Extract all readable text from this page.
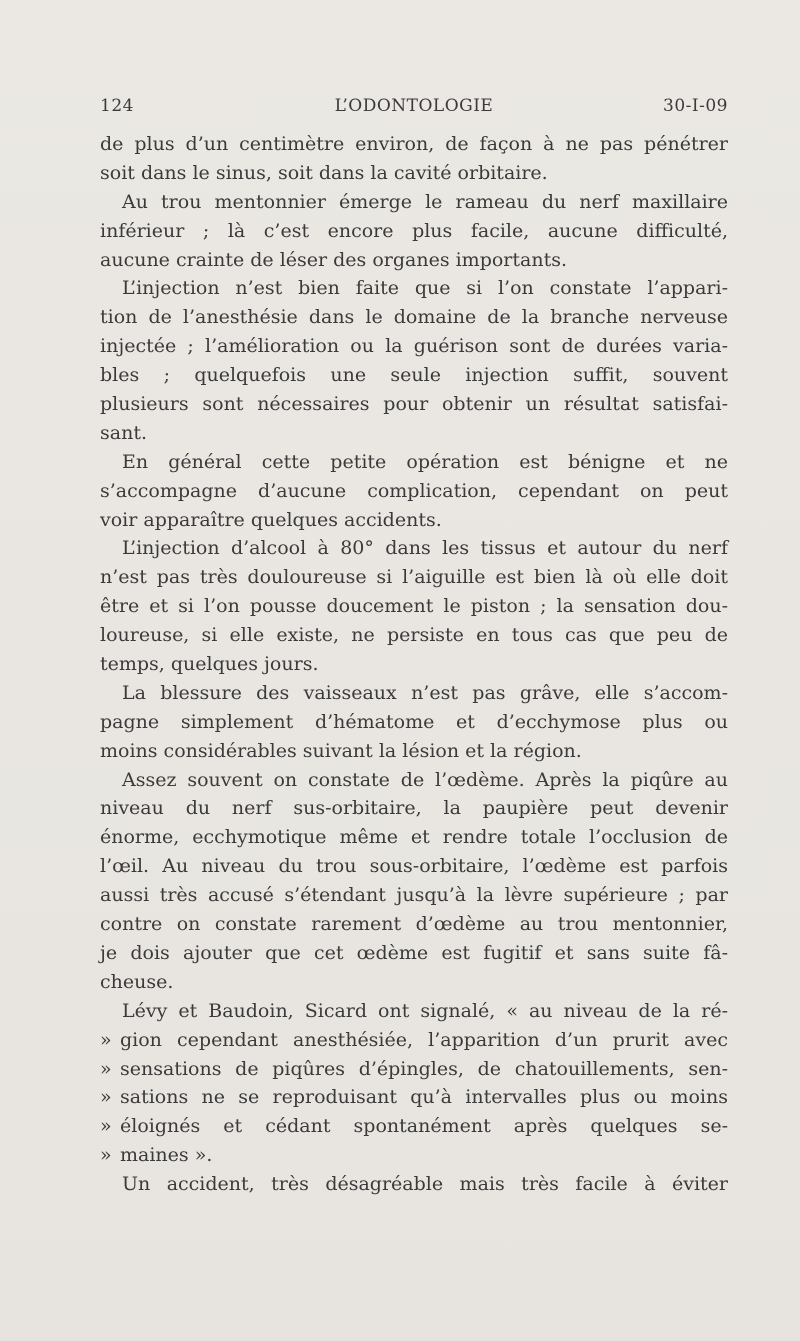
124	L’ODONTOLOGIE	30-I-09
de plus d’un centimètre environ, de façon à ne pas pénétrer
soit dans le sinus, soit dans la cavité orbitaire.
Au trou mentonnier émerge le rameau du nerf maxillaire
inférieur ; là c’est encore plus facile, aucune difficulté,
aucune crainte de léser des organes importants.
L’injection n’est bien faite que si l’on constate l’appari-
tion de l’anesthésie dans le domaine de la branche nerveuse
injectée ; l’amélioration ou la guérison sont de durées varia-
bles ; quelquefois une seule injection suffit, souvent
plusieurs sont nécessaires pour obtenir un résultat satisfai-
sant.
En général cette petite opération est bénigne et ne
s’accompagne d’aucune complication, cependant on peut
voir apparaître quelques accidents.
L’injection d’alcool à 80° dans les tissus et autour du nerf
n’est pas très douloureuse si l’aiguille est bien là où elle doit
être et si l’on pousse doucement le piston ; la sensation dou-
loureuse, si elle existe, ne persiste en tous cas que peu de
temps, quelques jours.
La blessure des vaisseaux n’est pas grâve, elle s’accom-
pagne simplement d’hématome et d’ecchymose plus ou
moins considérables suivant la lésion et la région.
Assez souvent on constate de l’œdème. Après la piqûre au
niveau du nerf sus-orbitaire, la paupière peut devenir
énorme, ecchymotique même et rendre totale l’occlusion de
l’œil. Au niveau du trou sous-orbitaire, l’œdème est parfois
aussi très accusé s’étendant jusqu’à la lèvre supérieure ; par
contre on constate rarement d’œdème au trou mentonnier,
je dois ajouter que cet œdème est fugitif et sans suite fâ-
cheuse.
Lévy et Baudoin, Sicard ont signalé, « au niveau de la ré-
» gion cependant anesthésiée, l’apparition d’un prurit avec
» sensations de piqûres d’épingles, de chatouillements, sen-
» sations ne se reproduisant qu’à intervalles plus ou moins
» éloignés et cédant spontanément après quelques se-
» maines ».
Un accident, très désagréable mais très facile à éviter
